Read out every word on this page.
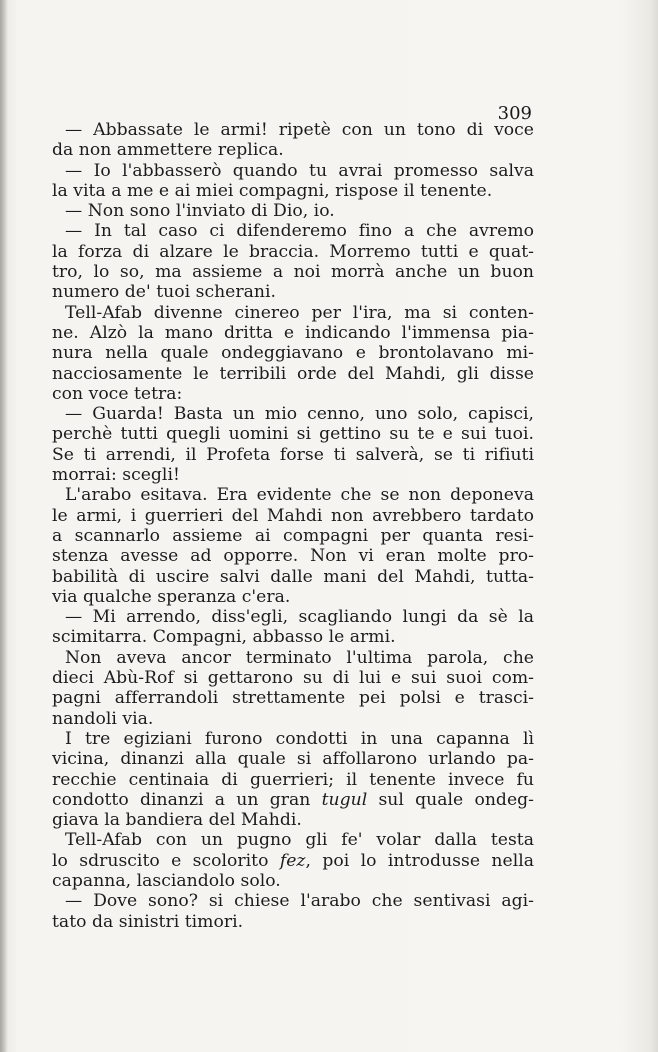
309
— Abbassate le armi! ripetè con un tono di voce
da non ammettere replica.
— Io l'abbasserò quando tu avrai promesso salva
la vita a me e ai miei compagni, rispose il tenente.
— Non sono l'inviato di Dio, io.
— In tal caso ci difenderemo fino a che avremo
la forza di alzare le braccia. Morremo tutti e quat-
tro, lo so, ma assieme a noi morrà anche un buon
numero de' tuoi scherani.
Tell-Afab divenne cinereo per l'ira, ma si conten-
ne. Alzò la mano dritta e indicando l'immensa pia-
nura nella quale ondeggiavano e brontolavano mi-
nacciosamente le terribili orde del Mahdi, gli disse
con voce tetra:
— Guarda! Basta un mio cenno, uno solo, capisci,
perchè tutti quegli uomini si gettino su te e sui tuoi.
Se ti arrendi, il Profeta forse ti salverà, se ti rifiuti
morrai: scegli!
L'arabo esitava. Era evidente che se non deponeva
le armi, i guerrieri del Mahdi non avrebbero tardato
a scannarlo assieme ai compagni per quanta resi-
stenza avesse ad opporre. Non vi eran molte pro-
babilità di uscire salvi dalle mani del Mahdi, tutta-
via qualche speranza c'era.
— Mi arrendo, diss'egli, scagliando lungi da sè la
scimitarra. Compagni, abbasso le armi.
Non aveva ancor terminato l'ultima parola, che
dieci Abù-Rof si gettarono su di lui e sui suoi com-
pagni afferrandoli strettamente pei polsi e trasci-
nandoli via.
I tre egiziani furono condotti in una capanna lì
vicina, dinanzi alla quale si affollarono urlando pa-
recchie centinaia di guerrieri; il tenente invece fu
condotto dinanzi a un gran tugul sul quale ondeg-
giava la bandiera del Mahdi.
Tell-Afab con un pugno gli fe' volar dalla testa
lo sdruscito e scolorito fez, poi lo introdusse nella
capanna, lasciandolo solo.
— Dove sono? si chiese l'arabo che sentivasi agi-
tato da sinistri timori.
